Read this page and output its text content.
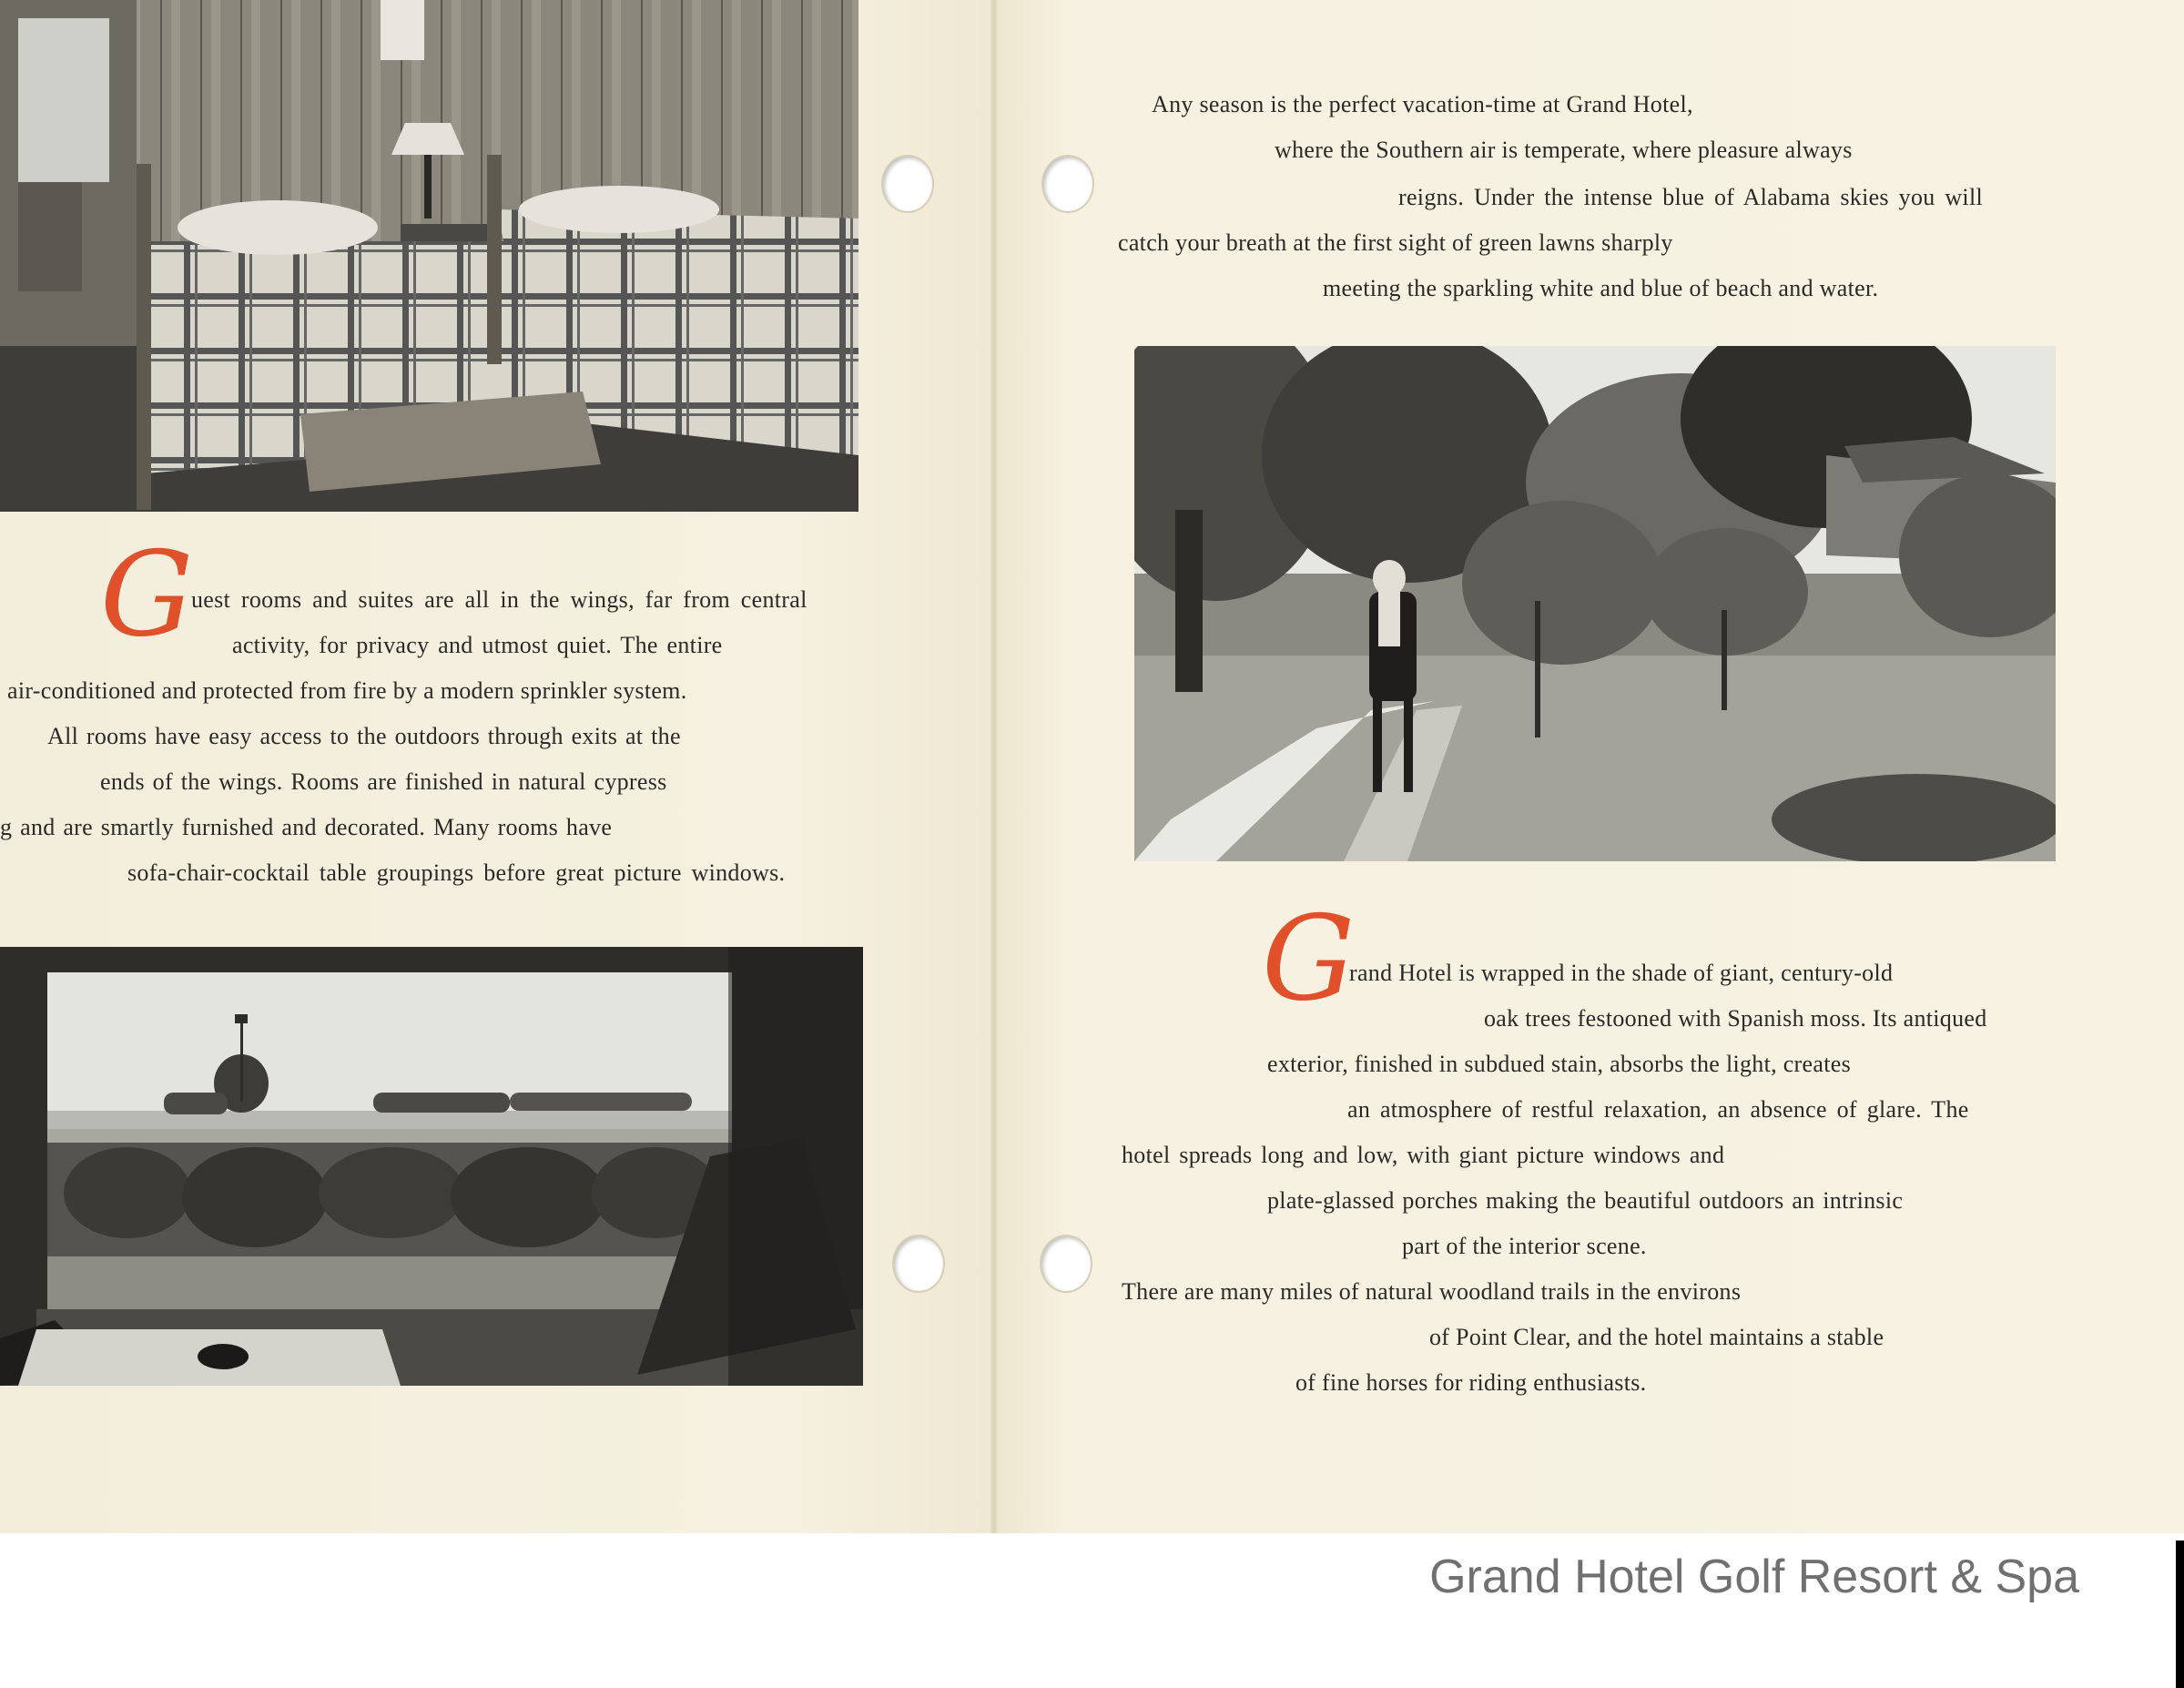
G
uest rooms and suites are all in the wings, far from central
activity, for privacy and utmost quiet. The entire
air-conditioned and protected from fire by a modern sprinkler system.
All rooms have easy access to the outdoors through exits at the
ends of the wings. Rooms are finished in natural cypress
g and are smartly furnished and decorated. Many rooms have
sofa-chair-cocktail table groupings before great picture windows.
Any season is the perfect vacation-time at Grand Hotel,
where the Southern air is temperate, where pleasure always
reigns. Under the intense blue of Alabama skies you will
catch your breath at the first sight of green lawns sharply
meeting the sparkling white and blue of beach and water.
G
rand Hotel is wrapped in the shade of giant, century-old
oak trees festooned with Spanish moss. Its antiqued
exterior, finished in subdued stain, absorbs the light, creates
an atmosphere of restful relaxation, an absence of glare. The
hotel spreads long and low, with giant picture windows and
plate-glassed porches making the beautiful outdoors an intrinsic
part of the interior scene.
There are many miles of natural woodland trails in the environs
of Point Clear, and the hotel maintains a stable
of fine horses for riding enthusiasts.
Grand Hotel Golf Resort & Spa
